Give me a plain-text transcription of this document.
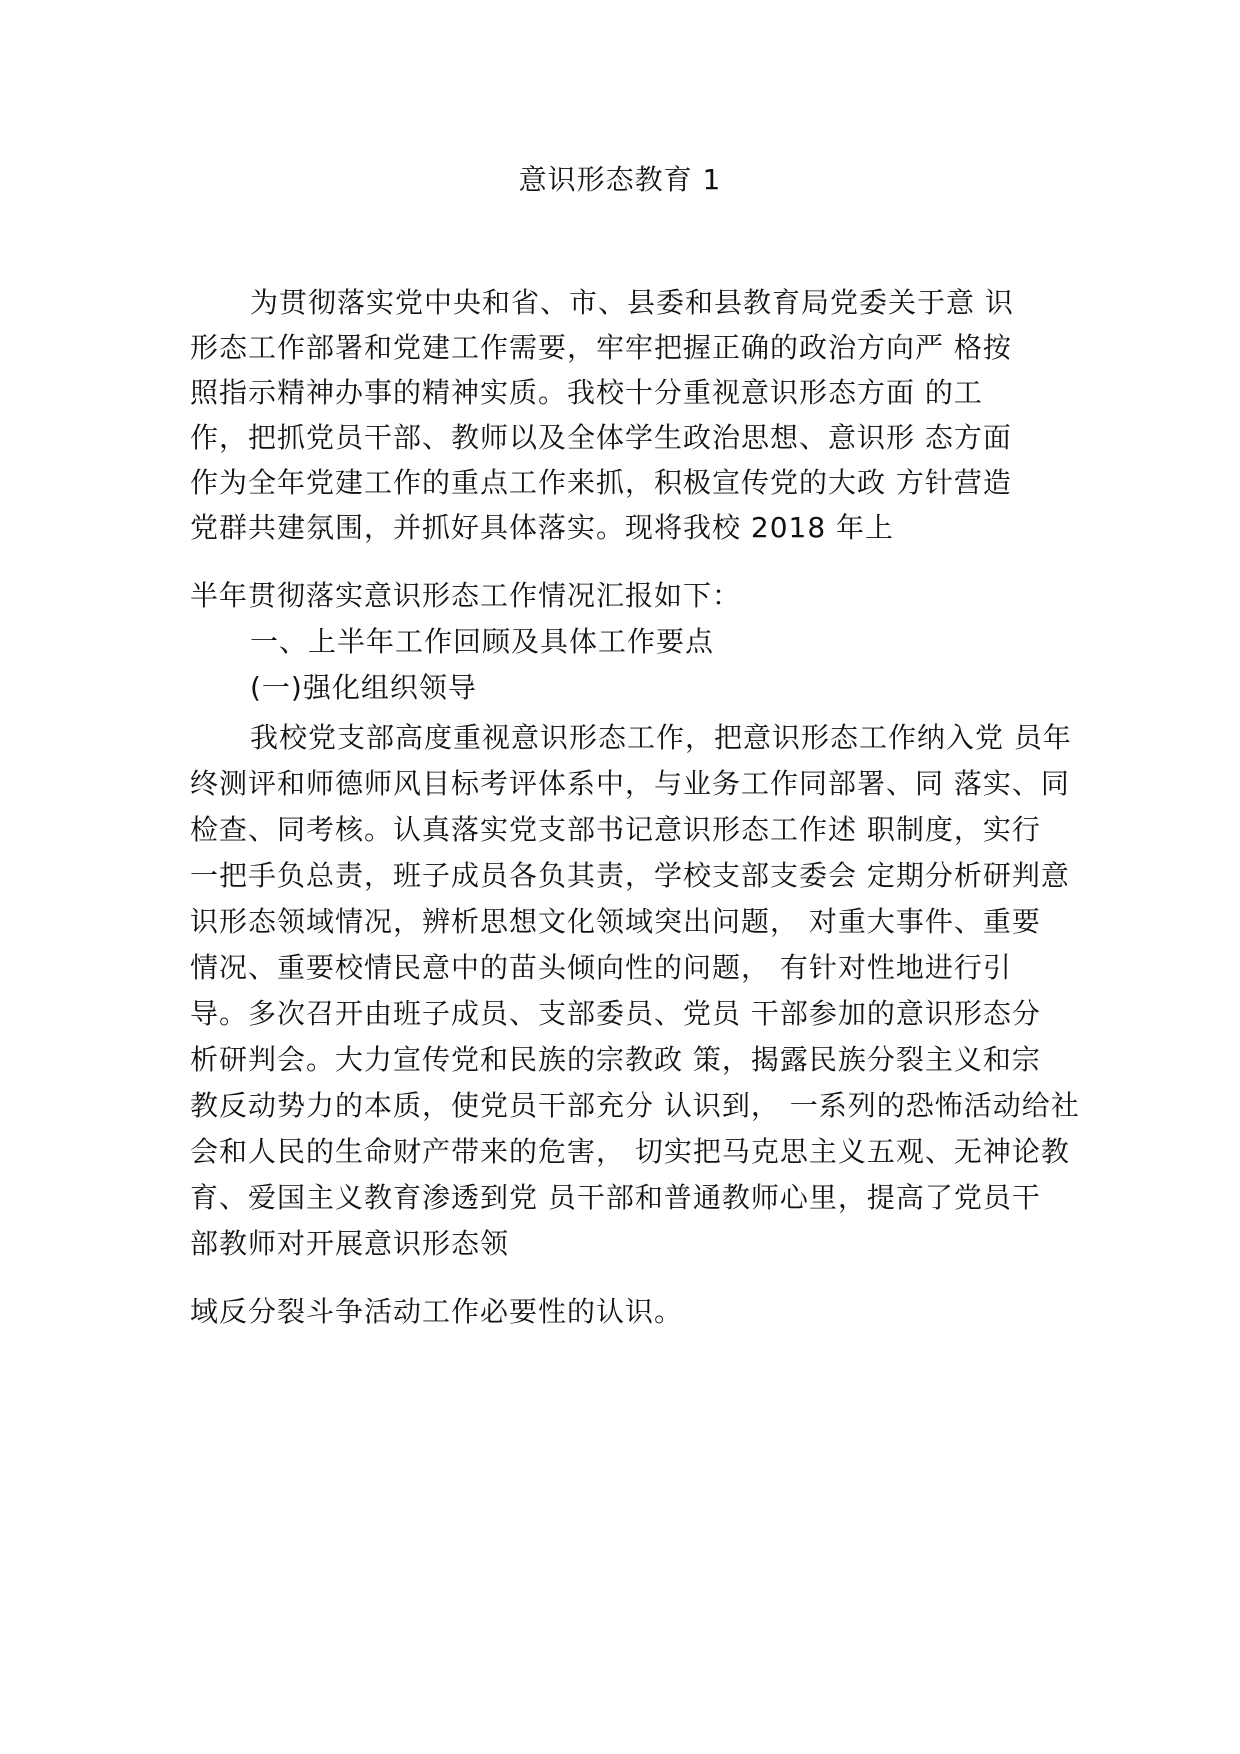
意识形态教育 1
为贯彻落实党中央和省、市、县委和县教育局党委关于意 识
形态工作部署和党建工作需要，牢牢把握正确的政治方向严 格按
照指示精神办事的精神实质。我校十分重视意识形态方面 的工
作，把抓党员干部、教师以及全体学生政治思想、意识形 态方面
作为全年党建工作的重点工作来抓，积极宣传党的大政 方针营造
党群共建氛围，并抓好具体落实。现将我校 2018 年上
半年贯彻落实意识形态工作情况汇报如下：
一、上半年工作回顾及具体工作要点
(一)强化组织领导
我校党支部高度重视意识形态工作，把意识形态工作纳入党 员年
终测评和师德师风目标考评体系中，与业务工作同部署、同 落实、同
检查、同考核。认真落实党支部书记意识形态工作述 职制度，实行
一把手负总责，班子成员各负其责，学校支部支委会 定期分析研判意
识形态领域情况，辨析思想文化领域突出问题， 对重大事件、重要
情况、重要校情民意中的苗头倾向性的问题， 有针对性地进行引
导。多次召开由班子成员、支部委员、党员 干部参加的意识形态分
析研判会。大力宣传党和民族的宗教政 策，揭露民族分裂主义和宗
教反动势力的本质，使党员干部充分 认识到， 一系列的恐怖活动给社
会和人民的生命财产带来的危害， 切实把马克思主义五观、无神论教
育、爱国主义教育渗透到党 员干部和普通教师心里，提高了党员干
部教师对开展意识形态领
域反分裂斗争活动工作必要性的认识。
